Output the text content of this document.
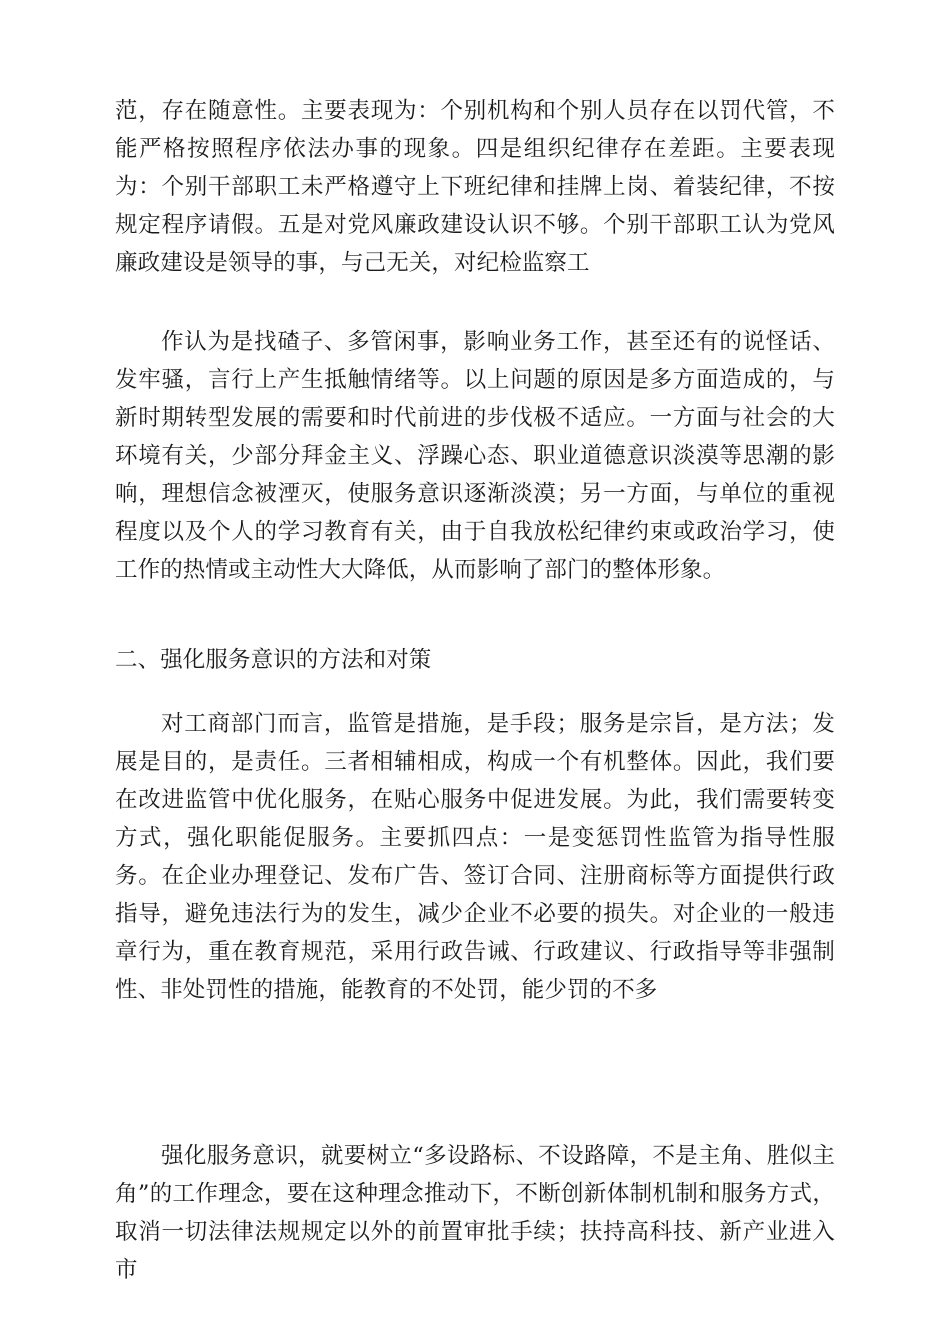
范，存在随意性。主要表现为：个别机构和个别人员存在以罚代管，不能严格按照程序依法办事的现象。四是组织纪律存在差距。主要表现为：个别干部职工未严格遵守上下班纪律和挂牌上岗、着装纪律，不按规定程序请假。五是对党风廉政建设认识不够。个别干部职工认为党风廉政建设是领导的事，与己无关，对纪检监察工

作认为是找碴子、多管闲事，影响业务工作，甚至还有的说怪话、发牢骚，言行上产生抵触情绪等。以上问题的原因是多方面造成的，与新时期转型发展的需要和时代前进的步伐极不适应。一方面与社会的大环境有关，少部分拜金主义、浮躁心态、职业道德意识淡漠等思潮的影响，理想信念被湮灭，使服务意识逐渐淡漠；另一方面，与单位的重视程度以及个人的学习教育有关，由于自我放松纪律约束或政治学习，使工作的热情或主动性大大降低，从而影响了部门的整体形象。

二、强化服务意识的方法和对策

对工商部门而言，监管是措施，是手段；服务是宗旨，是方法；发展是目的，是责任。三者相辅相成，构成一个有机整体。因此，我们要在改进监管中优化服务，在贴心服务中促进发展。为此，我们需要转变方式，强化职能促服务。主要抓四点：一是变惩罚性监管为指导性服务。在企业办理登记、发布广告、签订合同、注册商标等方面提供行政指导，避免违法行为的发生，减少企业不必要的损失。对企业的一般违章行为，重在教育规范，采用行政告诫、行政建议、行政指导等非强制性、非处罚性的措施，能教育的不处罚，能少罚的不多

强化服务意识，就要树立“多设路标、不设路障，不是主角、胜似主角”的工作理念，要在这种理念推动下，不断创新体制机制和服务方式，取消一切法律法规规定以外的前置审批手续；扶持高科技、新产业进入市
